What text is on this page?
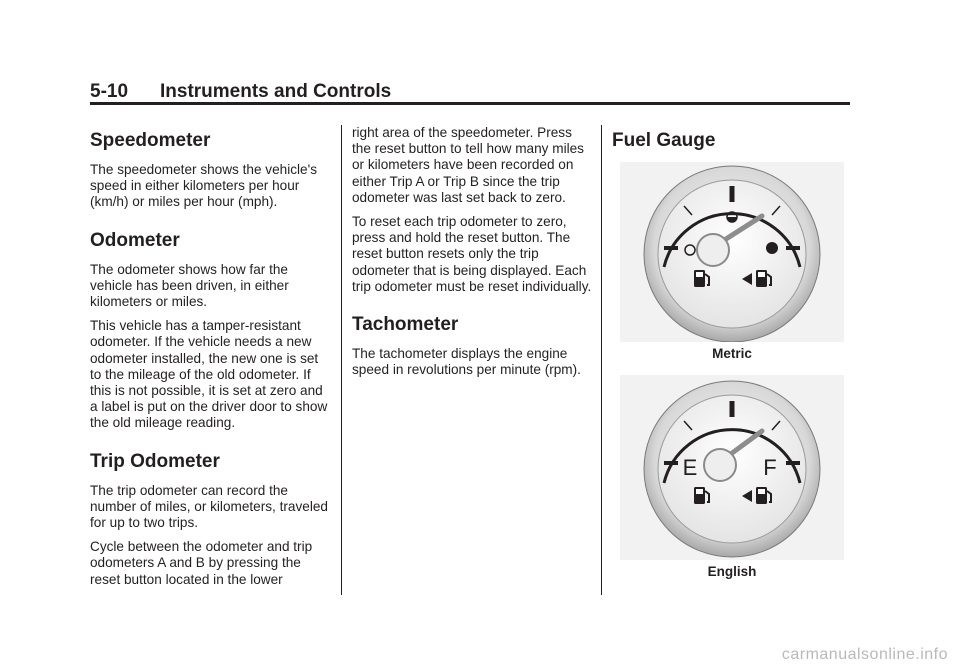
5-10 Instruments and Controls
Speedometer

The speedometer shows the vehicle's speed in either kilometers per hour (km/h) or miles per hour (mph).

Odometer

The odometer shows how far the vehicle has been driven, in either kilometers or miles.

This vehicle has a tamper-resistant odometer. If the vehicle needs a new odometer installed, the new one is set to the mileage of the old odometer. If this is not possible, it is set at zero and a label is put on the driver door to show the old mileage reading.

Trip Odometer

The trip odometer can record the number of miles, or kilometers, traveled for up to two trips.

Cycle between the odometer and trip odometers A and B by pressing the reset button located in the lower

right area of the speedometer. Press the reset button to tell how many miles or kilometers have been recorded on either Trip A or Trip B since the trip odometer was last set back to zero.

To reset each trip odometer to zero, press and hold the reset button. The reset button resets only the trip odometer that is being displayed. Each trip odometer must be reset individually.

Tachometer

The tachometer displays the engine speed in revolutions per minute (rpm).

Fuel Gauge
Metric
E	F
English
carmanualsonline.info
